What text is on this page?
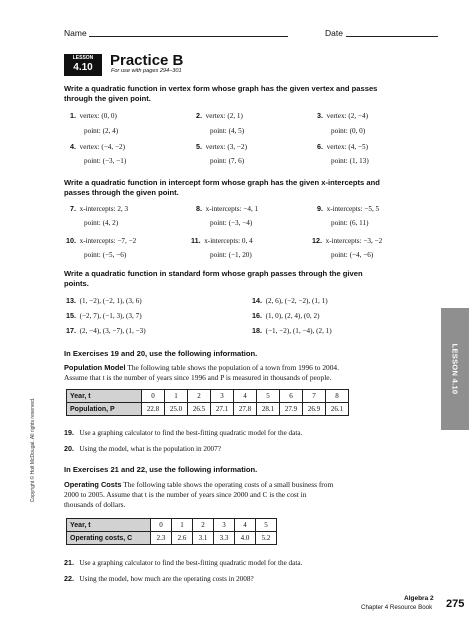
Name	Date
LESSON
4.10	Practice B
For use with pages 294–301
Write a quadratic function in vertex form whose graph has the given vertex and passes through the given point.
1. vertex: (0, 0)
point: (2, 4)
2. vertex: (2, 1)
point: (4, 5)
3. vertex: (2, −4)
point: (0, 0)
4. vertex: (−4, −2)
point: (−3, −1)
5. vertex: (3, −2)
point: (7, 6)
6. vertex: (4, −5)
point: (1, 13)
Write a quadratic function in intercept form whose graph has the given x-intercepts and passes through the given point.
7. x-intercepts: 2, 3
point: (4, 2)
8. x-intercepts: −4, 1
point: (−3, −4)
9. x-intercepts: −5, 5
point: (6, 11)
10. x-intercepts: −7, −2
point: (−5, −6)
11. x-intercepts: 0, 4
point: (−1, 20)
12. x-intercepts: −3, −2
point: (−4, −6)
Write a quadratic function in standard form whose graph passes through the given points.
13. (1, −2), (−2, 1), (3, 6)	14. (2, 6), (−2, −2), (1, 1)
15. (−2, 7), (−1, 3), (3, 7)	16. (1, 0), (2, 4), (0, 2)
17. (2, −4), (3, −7), (1, −3)	18. (−1, −2), (1, −4), (2, 1)
In Exercises 19 and 20, use the following information.
Population Model The following table shows the population of a town from 1996 to 2004.
Assume that t is the number of years since 1996 and P is measured in thousands of people.
Year, t	0	1	2	3	4	5	6	7	8
Population, P	22.8	25.0	26.5	27.1	27.8	28.1	27.9	26.9	26.1
19. Use a graphing calculator to find the best-fitting quadratic model for the data.
20. Using the model, what is the population in 2007?
In Exercises 21 and 22, use the following information.
Operating Costs The following table shows the operating costs of a small business from
2000 to 2005. Assume that t is the number of years since 2000 and C is the cost in
thousands of dollars.
Year, t	0	1	2	3	4	5
Operating costs, C	2.3	2.6	3.1	3.3	4.0	5.2
21. Use a graphing calculator to find the best-fitting quadratic model for the data.
22. Using the model, how much are the operating costs in 2008?
LESSON 4.10
Copyright © Holt McDougal. All rights reserved.
Algebra 2
Chapter 4 Resource Book 275
